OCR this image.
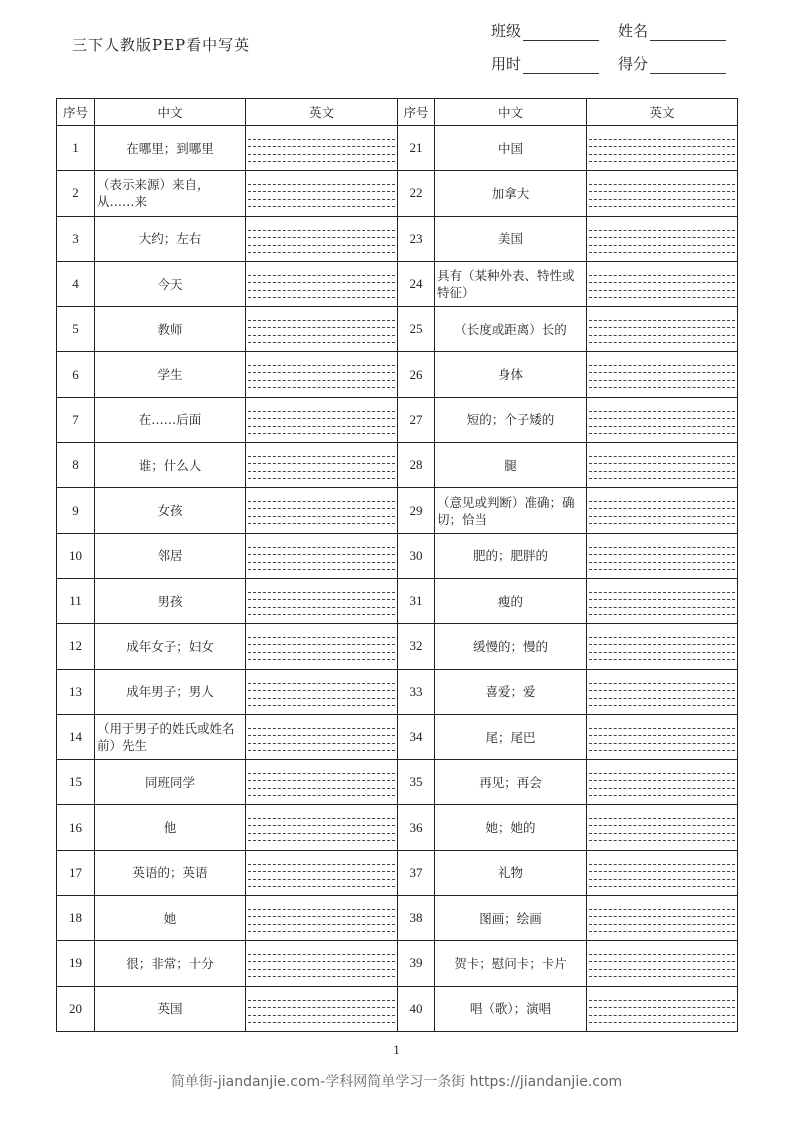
三下人教版PEP看中写英
班级	姓名
用时	得分
序号	中文	英文	序号	中文	英文
1	在哪里；到哪里		21	中国	

2	（表示来源）来自，从……来		22	加拿大	

3	大约；左右		23	美国	

4	今天		24	具有（某种外表、特性或特征）	

5	教师		25	（长度或距离）长的	

6	学生		26	身体	

7	在……后面		27	短的；个子矮的	

8	谁；什么人		28	腿	

9	女孩		29	（意见或判断）准确；确切；恰当	

10	邻居		30	肥的；肥胖的	

11	男孩		31	瘦的	

12	成年女子；妇女		32	缓慢的；慢的	

13	成年男子；男人		33	喜爱；爱	

14	（用于男子的姓氏或姓名前）先生		34	尾；尾巴	

15	同班同学		35	再见；再会	

16	他		36	她；她的	

17	英语的；英语		37	礼物	

18	她		38	图画；绘画	

19	很；非常；十分		39	贺卡；慰问卡；卡片	

20	英国		40	唱（歌）；演唱	
1
简单街-jiandanjie.com-学科网简单学习一条街 https://jiandanjie.com
